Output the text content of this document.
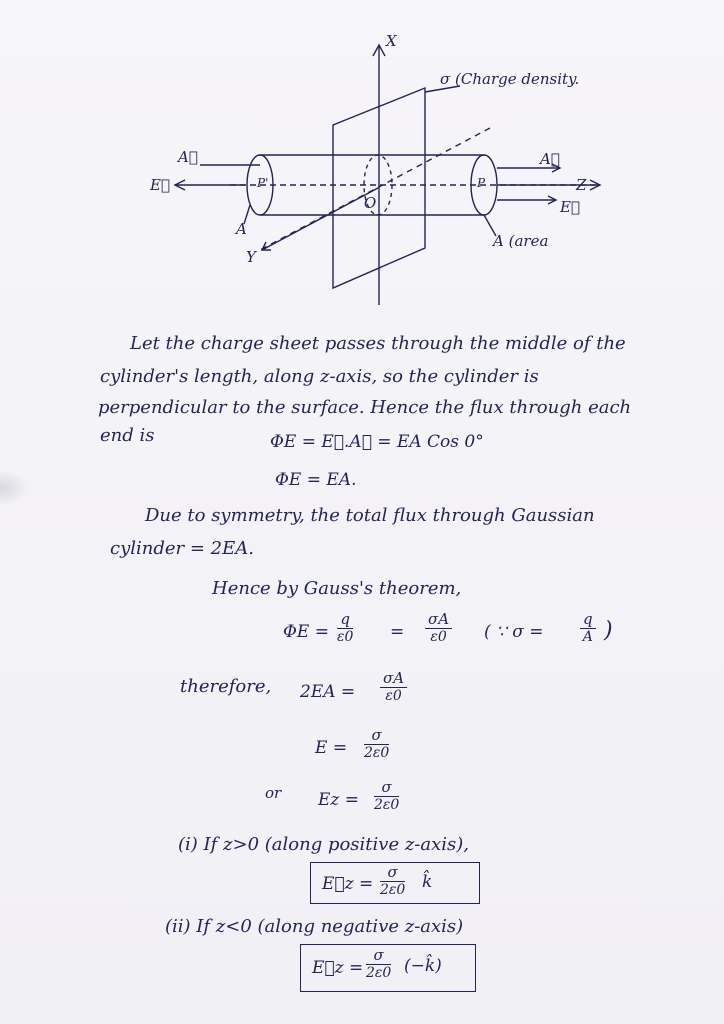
X
σ (Charge density.
A⃗
E⃗
A⃗
E⃗
P'	P
O
A
Y
Z
A (area
Let the charge sheet passes through the middle of the
cylinder's length, along z-axis, so the cylinder is
perpendicular to the surface. Hence the flux through each
end is	ΦE = E⃗.A⃗ = EA Cos 0°
ΦE = EA.
Due to symmetry, the total flux through Gaussian
cylinder = 2EA.
Hence by Gauss's theorem,
$\Phi E = \frac{q}{\varepsilon 0} = \frac{\sigma A}{\varepsilon 0}$ ( ∵ $\sigma = \frac{q}{A}$ )
therefore, $2EA = \frac{\sigma A}{\varepsilon 0}$
$E = \frac{\sigma}{2\varepsilon 0}$
or $Ez = \frac{\sigma}{2\varepsilon 0}$
(i) If z>0 (along positive z-axis),
E⃗z = $\frac{\sigma}{2\varepsilon 0}$ k̂
(ii) If z<0 (along negative z-axis)
E⃗z = $\frac{\sigma}{2\varepsilon 0}$ (−k̂)
